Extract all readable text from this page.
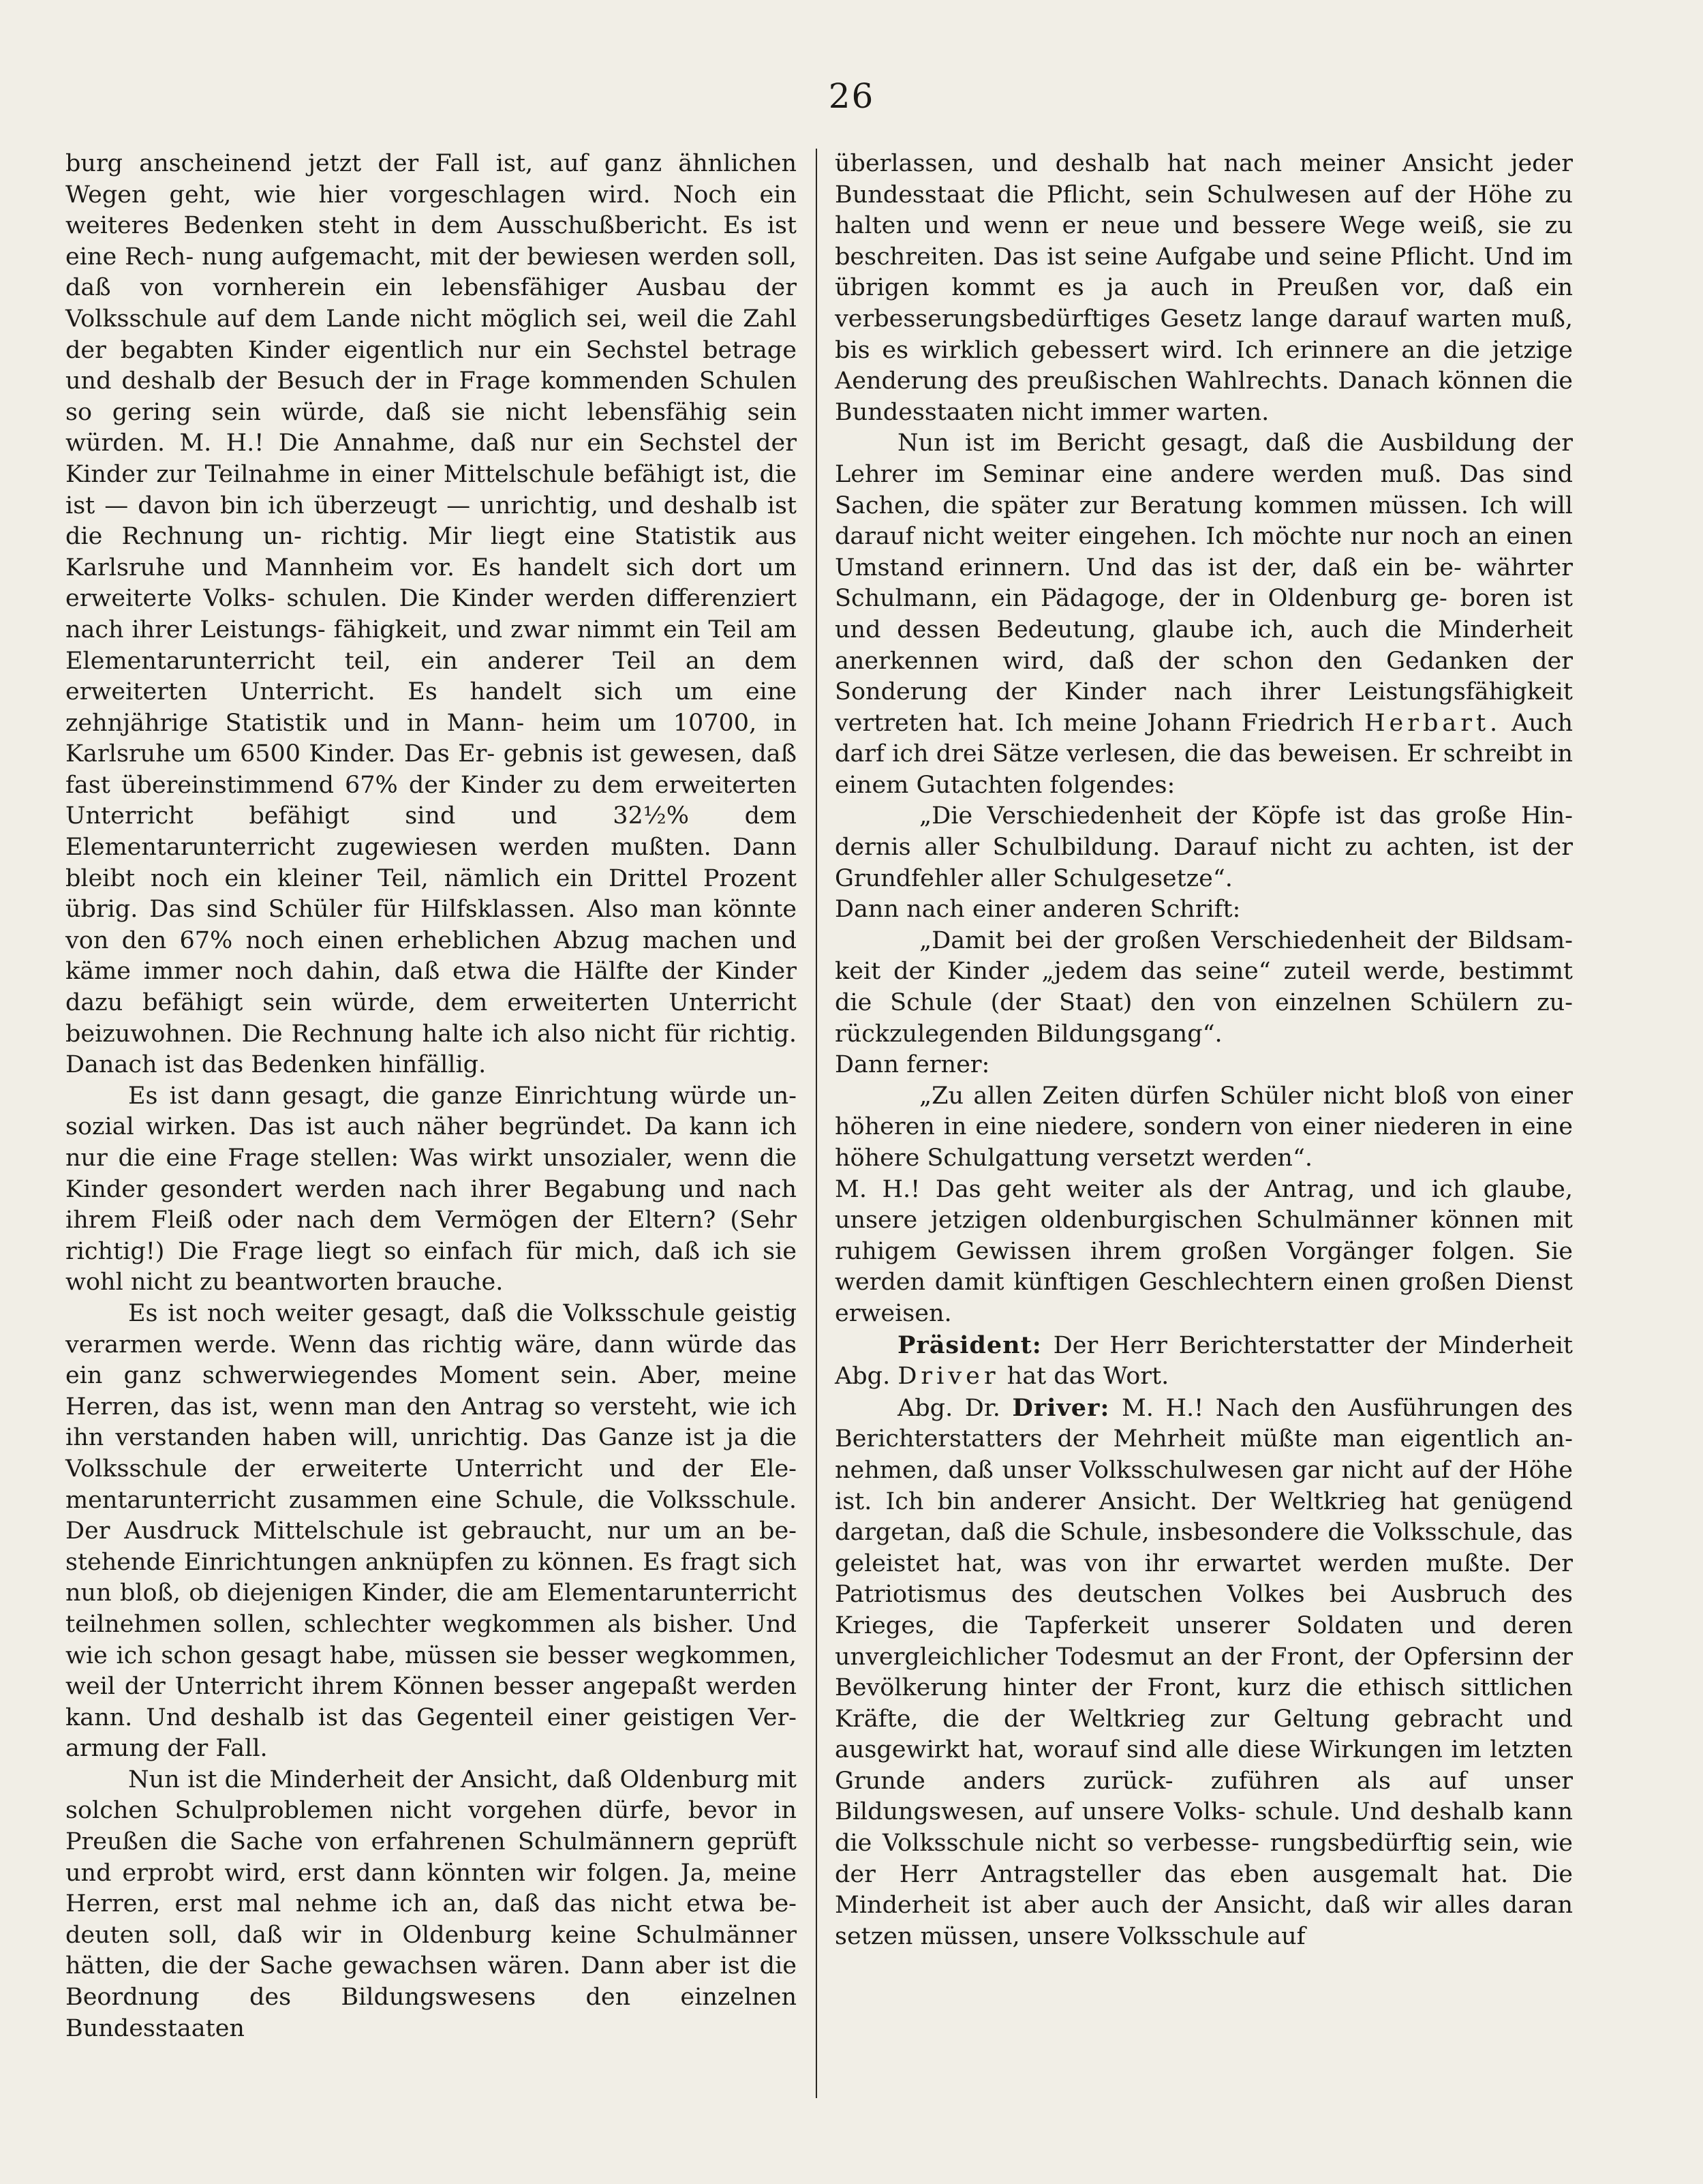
26

burg anscheinend jetzt der Fall ist, auf ganz ähnlichen Wegen geht, wie hier vorgeschlagen wird. Noch ein weiteres Bedenken steht in dem Ausschußbericht. Es ist eine Rech- nung aufgemacht, mit der bewiesen werden soll, daß von vornherein ein lebensfähiger Ausbau der Volksschule auf dem Lande nicht möglich sei, weil die Zahl der begabten Kinder eigentlich nur ein Sechstel betrage und deshalb der Besuch der in Frage kommenden Schulen so gering sein würde, daß sie nicht lebensfähig sein würden. M. H.! Die Annahme, daß nur ein Sechstel der Kinder zur Teilnahme in einer Mittelschule befähigt ist, die ist — davon bin ich überzeugt — unrichtig, und deshalb ist die Rechnung un- richtig. Mir liegt eine Statistik aus Karlsruhe und Mannheim vor. Es handelt sich dort um erweiterte Volks- schulen. Die Kinder werden differenziert nach ihrer Leistungs- fähigkeit, und zwar nimmt ein Teil am Elementarunterricht teil, ein anderer Teil an dem erweiterten Unterricht. Es handelt sich um eine zehnjährige Statistik und in Mann- heim um 10700, in Karlsruhe um 6500 Kinder. Das Er- gebnis ist gewesen, daß fast übereinstimmend 67% der Kinder zu dem erweiterten Unterricht befähigt sind und 32½% dem Elementarunterricht zugewiesen werden mußten. Dann bleibt noch ein kleiner Teil, nämlich ein Drittel Prozent übrig. Das sind Schüler für Hilfsklassen. Also man könnte von den 67% noch einen erheblichen Abzug machen und käme immer noch dahin, daß etwa die Hälfte der Kinder dazu befähigt sein würde, dem erweiterten Unterricht beizuwohnen. Die Rechnung halte ich also nicht für richtig. Danach ist das Bedenken hinfällig.

Es ist dann gesagt, die ganze Einrichtung würde un- sozial wirken. Das ist auch näher begründet. Da kann ich nur die eine Frage stellen: Was wirkt unsozialer, wenn die Kinder gesondert werden nach ihrer Begabung und nach ihrem Fleiß oder nach dem Vermögen der Eltern? (Sehr richtig!) Die Frage liegt so einfach für mich, daß ich sie wohl nicht zu beantworten brauche.

Es ist noch weiter gesagt, daß die Volksschule geistig verarmen werde. Wenn das richtig wäre, dann würde das ein ganz schwerwiegendes Moment sein. Aber, meine Herren, das ist, wenn man den Antrag so versteht, wie ich ihn verstanden haben will, unrichtig. Das Ganze ist ja die Volksschule der erweiterte Unterricht und der Ele- mentarunterricht zusammen eine Schule, die Volksschule. Der Ausdruck Mittelschule ist gebraucht, nur um an be- stehende Einrichtungen anknüpfen zu können. Es fragt sich nun bloß, ob diejenigen Kinder, die am Elementarunterricht teilnehmen sollen, schlechter wegkommen als bisher. Und wie ich schon gesagt habe, müssen sie besser wegkommen, weil der Unterricht ihrem Können besser angepaßt werden kann. Und deshalb ist das Gegenteil einer geistigen Ver- armung der Fall.

Nun ist die Minderheit der Ansicht, daß Oldenburg mit solchen Schulproblemen nicht vorgehen dürfe, bevor in Preußen die Sache von erfahrenen Schulmännern geprüft und erprobt wird, erst dann könnten wir folgen. Ja, meine Herren, erst mal nehme ich an, daß das nicht etwa be- deuten soll, daß wir in Oldenburg keine Schulmänner hätten, die der Sache gewachsen wären. Dann aber ist die Beordnung des Bildungswesens den einzelnen Bundesstaaten

überlassen, und deshalb hat nach meiner Ansicht jeder Bundesstaat die Pflicht, sein Schulwesen auf der Höhe zu halten und wenn er neue und bessere Wege weiß, sie zu beschreiten. Das ist seine Aufgabe und seine Pflicht. Und im übrigen kommt es ja auch in Preußen vor, daß ein verbesserungsbedürftiges Gesetz lange darauf warten muß, bis es wirklich gebessert wird. Ich erinnere an die jetzige Aenderung des preußischen Wahlrechts. Danach können die Bundesstaaten nicht immer warten.

Nun ist im Bericht gesagt, daß die Ausbildung der Lehrer im Seminar eine andere werden muß. Das sind Sachen, die später zur Beratung kommen müssen. Ich will darauf nicht weiter eingehen. Ich möchte nur noch an einen Umstand erinnern. Und das ist der, daß ein be- währter Schulmann, ein Pädagoge, der in Oldenburg ge- boren ist und dessen Bedeutung, glaube ich, auch die Minderheit anerkennen wird, daß der schon den Gedanken der Sonderung der Kinder nach ihrer Leistungsfähigkeit vertreten hat. Ich meine Johann Friedrich Herbart. Auch darf ich drei Sätze verlesen, die das beweisen. Er schreibt in einem Gutachten folgendes:

„Die Verschiedenheit der Köpfe ist das große Hin- dernis aller Schulbildung. Darauf nicht zu achten, ist der Grundfehler aller Schulgesetze“.

Dann nach einer anderen Schrift:

„Damit bei der großen Verschiedenheit der Bildsam- keit der Kinder „jedem das seine“ zuteil werde, bestimmt die Schule (der Staat) den von einzelnen Schülern zu- rückzulegenden Bildungsgang“.

Dann ferner:

„Zu allen Zeiten dürfen Schüler nicht bloß von einer höheren in eine niedere, sondern von einer niederen in eine höhere Schulgattung versetzt werden“.

M. H.! Das geht weiter als der Antrag, und ich glaube, unsere jetzigen oldenburgischen Schulmänner können mit ruhigem Gewissen ihrem großen Vorgänger folgen. Sie werden damit künftigen Geschlechtern einen großen Dienst erweisen.

Präsident: Der Herr Berichterstatter der Minderheit Abg. Driver hat das Wort.

Abg. Dr. Driver: M. H.! Nach den Ausführungen des Berichterstatters der Mehrheit müßte man eigentlich an- nehmen, daß unser Volksschulwesen gar nicht auf der Höhe ist. Ich bin anderer Ansicht. Der Weltkrieg hat genügend dargetan, daß die Schule, insbesondere die Volksschule, das geleistet hat, was von ihr erwartet werden mußte. Der Patriotismus des deutschen Volkes bei Ausbruch des Krieges, die Tapferkeit unserer Soldaten und deren unvergleichlicher Todesmut an der Front, der Opfersinn der Bevölkerung hinter der Front, kurz die ethisch sittlichen Kräfte, die der Weltkrieg zur Geltung gebracht und ausgewirkt hat, worauf sind alle diese Wirkungen im letzten Grunde anders zurück- zuführen als auf unser Bildungswesen, auf unsere Volks- schule. Und deshalb kann die Volksschule nicht so verbesse- rungsbedürftig sein, wie der Herr Antragsteller das eben ausgemalt hat. Die Minderheit ist aber auch der Ansicht, daß wir alles daran setzen müssen, unsere Volksschule auf
